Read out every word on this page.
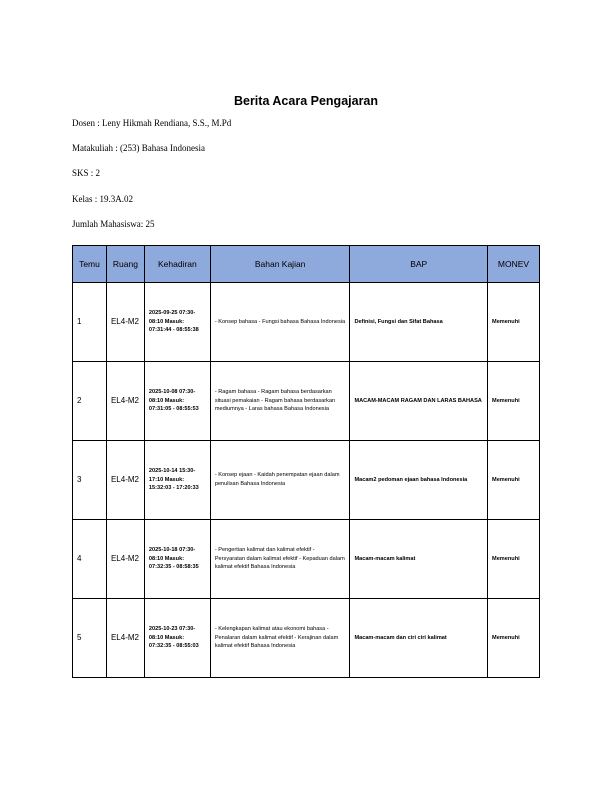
Berita Acara Pengajaran
Dosen : Leny Hikmah Rendiana, S.S., M.Pd
Matakuliah : (253) Bahasa Indonesia
SKS : 2
Kelas : 19.3A.02
Jumlah Mahasiswa: 25
Temu	Ruang	Kehadiran	Bahan Kajian	BAP	MONEV
1	EL4-M2	2025-09-25 07:30-08:10 Masuk: 07:31:44 - 08:55:38	- Konsep bahasa - Fungsi bahasa Bahasa Indonesia	Definisi, Fungsi dan Sifat Bahasa	Memenuhi
2	EL4-M2	2025-10-08 07:30-08:10 Masuk: 07:31:05 - 08:55:53	- Ragam bahasa - Ragam bahasa berdasarkan situasi pemakaian - Ragam bahasa berdasarkan mediumnya - Laras bahasa Bahasa Indonesia	MACAM-MACAM RAGAM DAN LARAS BAHASA	Memenuhi
3	EL4-M2	2025-10-14 15:30-17:10 Masuk: 15:32:03 - 17:20:33	- Konsep ejaan - Kaidah penempatan ejaan dalam penulisan Bahasa Indonesia	Macam2 pedoman ejaan bahasa Indonesia	Memenuhi
4	EL4-M2	2025-10-18 07:30-08:10 Masuk: 07:32:35 - 08:58:35	- Pengertian kalimat dan kalimat efektif - Persyaratan dalam kalimat efektif - Kepaduan dalam kalimat efektif Bahasa Indonesia	Macam-macam kalimat	Memenuhi
5	EL4-M2	2025-10-23 07:30-08:10 Masuk: 07:32:35 - 08:55:03	- Kelengkapan kalimat atau ekonomi bahasa - Penalaran dalam kalimat efektif - Kerajinan dalam kalimat efektif Bahasa Indonesia	Macam-macam dan ciri ciri kalimat	Memenuhi
